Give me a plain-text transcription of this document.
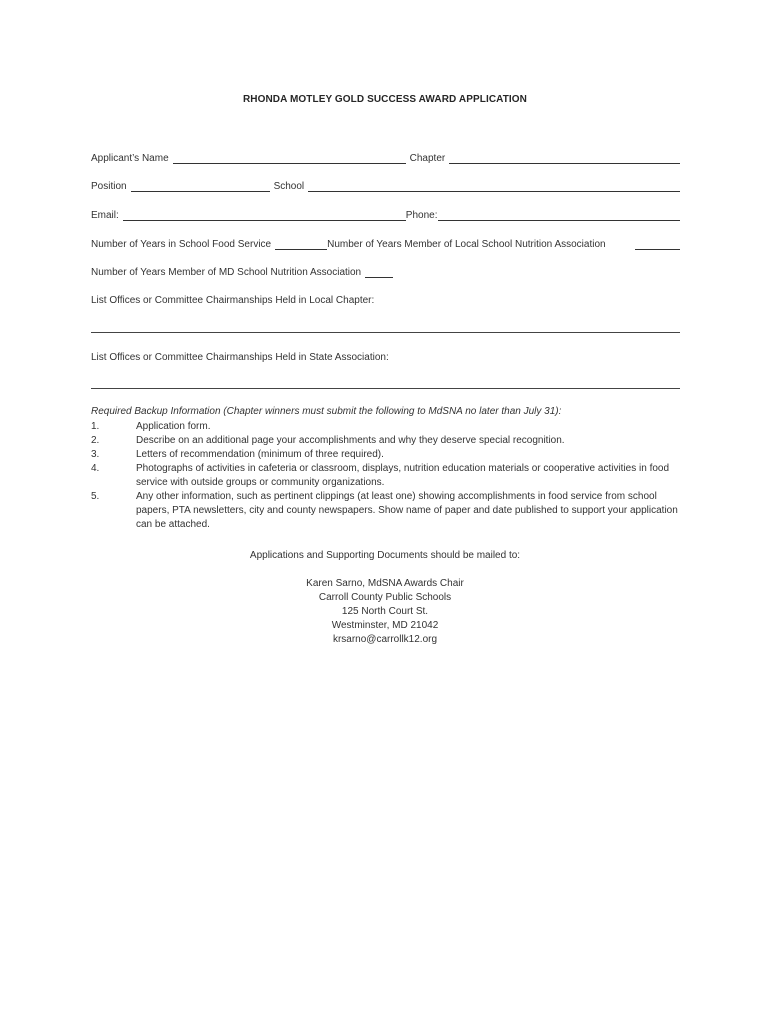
RHONDA MOTLEY GOLD SUCCESS AWARD APPLICATION
Applicant’s Name	Chapter
Position	School
Email:	Phone:
Number of Years in School Food Service	Number of Years Member of Local School Nutrition Association
Number of Years Member of MD School Nutrition Association
List Offices or Committee Chairmanships Held in Local Chapter:
List Offices or Committee Chairmanships Held in State Association:
Required Backup Information (Chapter winners must submit the following to MdSNA no later than July 31):
1.	Application form.
2.	Describe on an additional page your accomplishments and why they deserve special recognition.
3.	Letters of recommendation (minimum of three required).
4.	Photographs of activities in cafeteria or classroom, displays, nutrition education materials or cooperative activities in food service with outside groups or community organizations.
5.	Any other information, such as pertinent clippings (at least one) showing accomplishments in food service from school papers, PTA newsletters, city and county newspapers. Show name of paper and date published to support your application can be attached.
Applications and Supporting Documents should be mailed to:
Karen Sarno, MdSNA Awards Chair
Carroll County Public Schools
125 North Court St.
Westminster, MD 21042
krsarno@carrollk12.org
